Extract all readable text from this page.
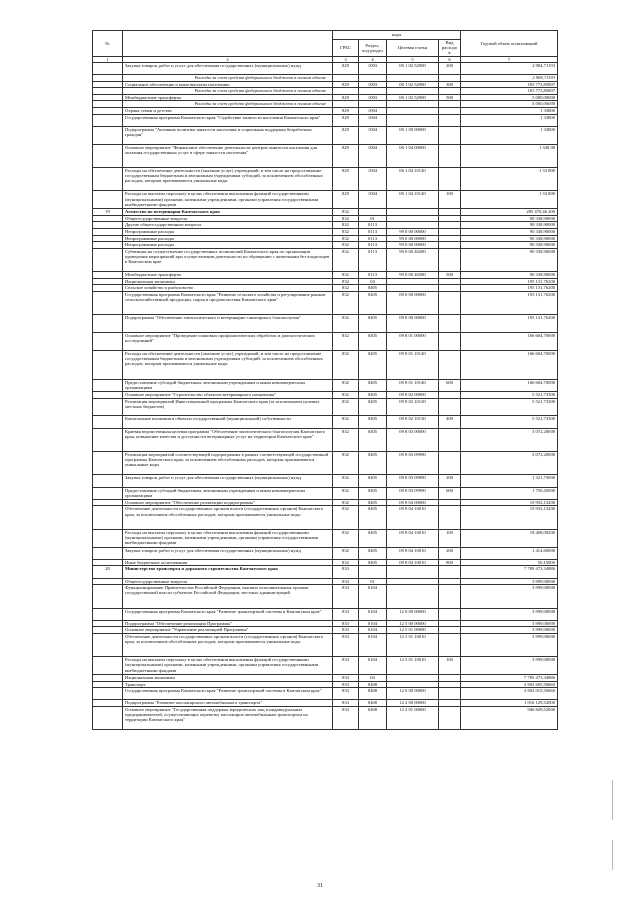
№		коды				Годовой объем ассигнований
		ГРБС	Раздел, под-раздел	Целевая статья	Вид расходов	
1	2	3	4	5	6	7
	Закупка товаров, работ и услуг для обеспечения государственных (муниципальных) нужд	829	1003	06 1 02 52900	200	2 984,71193
	Расходы за счет средств федерального бюджета в полном объеме					2 984,71193
	Социальное обеспечение и иные выплаты населению	829	1003	06 1 02 52900	300	183 773,85807
	Расходы за счет средств федерального бюджета в полном объеме					183 773,85807
	Межбюджетные трансферты	829	1003	06 1 02 52900	500	5 000,00000
	Расходы за счет средств федерального бюджета в полном объеме					5 000,00000
	Охрана семьи и детства	829	1004			1 33800
	Государственная программа Камчатского края "Содействие занятости населения Камчатского края"	829	1004			1 33800
	Подпрограмма "Активная политика занятости населения и социальная поддержка безработных граждан"	829	1004	06 1 00 00000		1 33800
	Основное мероприятие "Финансовое обеспечение деятельности центров занятости населения для оказания государственных услуг в сфере занятости населения"	829	1004	06 1 04 00000		1 338 00
	Расходы на обеспечение деятельности (оказание услуг) учреждений, в том числе на предоставление государственным бюджетным и автономным учреждениям субсидий, за исключением обособленных расходов, которым присваиваются уникальные коды	829	1004	06 1 04 10140		1 33 800
	Расходы на выплаты персоналу в целях обеспечения выполнения функций государственными (муниципальными) органами, казенными учреждениями, органами управления государственными внебюджетными фондами	829	1004	06 1 04 10140	100	1 33 800
19	Агентство по ветеринарии Камчатского края	832				285 470,46 200
	Общегосударственные вопросы	832	01			90 338,90000
	Другие общегосударственные вопросы	832	0113			90 338,90000
	Непрограммные расходы	832	0113	99 0 00 00000		90 338,90000
	Непрограммные расходы	832	0113	99 0 00 00000		90 338,90000
	Непрограммные расходы	832	0113	99 0 00 00000		90 338,90000
	Субвенции на осуществление государственных полномочий Камчатского края по организации проведения мероприятий при осуществлении деятельности по обращению с животными без владельцев в Камчатском крае	832	0113	99 0 00 40280		90 338,90000
	Межбюджетные трансферты	832	0113	99 0 00 40280	500	90 338,90000
	Национальная экономика	832	04			195 131,76200
	Сельское хозяйство и рыболовство	832	0405			195 131,76200
	Государственная программа Камчатского края "Развитие сельского хозяйства и регулирование рынков сельскохозяйственной продукции, сырья и продовольствия Камчатского края"	832	0405	09 0 00 00000		195 131,76200
	Подпрограмма "Обеспечение эпизоотического и ветеринарно-санитарного благополучия"	832	0405	09 8 00 00000		195 131,76200
	Основное мероприятие "Проведение плановых профилактических обработок и диагностических исследований"	832	0405	09 8 01 00000		166 604,70000
	Расходы на обеспечение деятельности (оказание услуг) учреждений, в том числе на предоставление государственным бюджетным и автономным учреждениям субсидий, за исключением обособленных расходов, которым присваиваются уникальные коды	832	0405	09 8 01 10140		166 604,70000
	Предоставление субсидий бюджетным, автономным учреждениям и иным некоммерческим организациям	832	0405	09 8 01 10140	600	166 604,70000
	Основное мероприятие "Строительство объектов ветеринарного назначения"	832	0405	09 8 02 00000		5 521,73300
	Реализация мероприятий Инвестиционной программы Камчатского края (за исключением целевых местных бюджетов)	832	0405	09 8 02 10130		5 521,73300
	Капитальные вложения в объекты государственной (муниципальной) собственности	832	0405	09 8 02 10130	400	5 521,73300
	Краевая ведомственная целевая программа "Обеспечение эпизоотического благополучия Камчатского края, повышение качества и доступности ветеринарных услуг на территории Камчатского края"	832	0405	09 8 03 00000		3 072,20000
	Реализация мероприятий соответствующей подпрограммы в рамках соответствующей государственной программы Камчатского края, за исключением обособленных расходов, которым присваиваются уникальные коды	832	0405	09 8 03 09990		3 072,20000
	Закупка товаров, работ и услуг для обеспечения государственных (муниципальных) нужд	832	0405	09 8 03 09990	200	1 321,75000
	Предоставление субсидий бюджетным, автономным учреждениям и иным некоммерческим организациям	832	0405	09 8 03 09990	600	1 750,45000
	Основное мероприятие "Обеспечение реализации подпрограммы"	832	0405	09 8 04 00000		19 933,13200
	Обеспечение деятельности государственных органов власти (государственных органов) Камчатского края, за исключением обособленных расходов, которым присваиваются уникальные коды	832	0405	09 8 04 10010		19 933,13200
	Расходы на выплаты персоналу в целях обеспечения выполнения функций государственными (муниципальными) органами, казенными учреждениями, органами управления государственными внебюджетными фондами	832	0405	09 8 04 10010	100	18 468,08200
	Закупка товаров, работ и услуг для обеспечения государственных (муниципальных) нужд	832	0405	09 8 04 10010	200	1 414,60000
	Иные бюджетные ассигнования	832	0405	09 8 04 10010	800	50,15000
20	Министерство транспорта и дорожного строительства Камчатского края	833				7 789 473,34886
	Общегосударственные вопросы	833	01			3 999,00000
	Функционирование Правительства Российской Федерации, высших исполнительных органов государственной власти субъектов Российской Федерации, местных администраций	833	0104			3 999,00000
	Государственная программа Камчатского края "Развитие транспортной системы в Камчатском крае"	833	0104	12 0 00 00000		3 999,00000
	Подпрограмма "Обеспечение реализации Программы"	833	0104	12 5 00 00000		3 999,00000
	Основное мероприятие "Управление реализацией Программы"	833	0104	12 5 01 00000		3 999,00000
	Обеспечение деятельности государственных органов власти (государственных органов) Камчатского края, за исключением обособленных расходов, которым присваиваются уникальные коды	833	0104	12 5 01 10010		3 999,00000
	Расходы на выплаты персоналу в целях обеспечения выполнения функций государственными (муниципальными) органами, казенными учреждениями, органами управления государственными внебюджетными фондами	833	0104	12 5 01 10010	100	3 999,00000
	Национальная экономика	833	04			7 785 473,34886
	Транспорт	833	0408			2 692 605,50660
	Государственная программа Камчатского края "Развитие транспортной системы в Камчатском крае"	833	0408	12 0 00 00000		2 692 015,50660
	Подпрограмма "Развитие пассажирского автомобильного транспорта"	833	0408	12 2 00 00000		1 016 129,52000
	Основное мероприятие "Государственная поддержка юридических лиц и индивидуальных предпринимателей, осуществляющих перевозку пассажиров автомобильным транспортом на территории Камчатского края"	833	0408	12 2 01 00000		946 829,52000
31
